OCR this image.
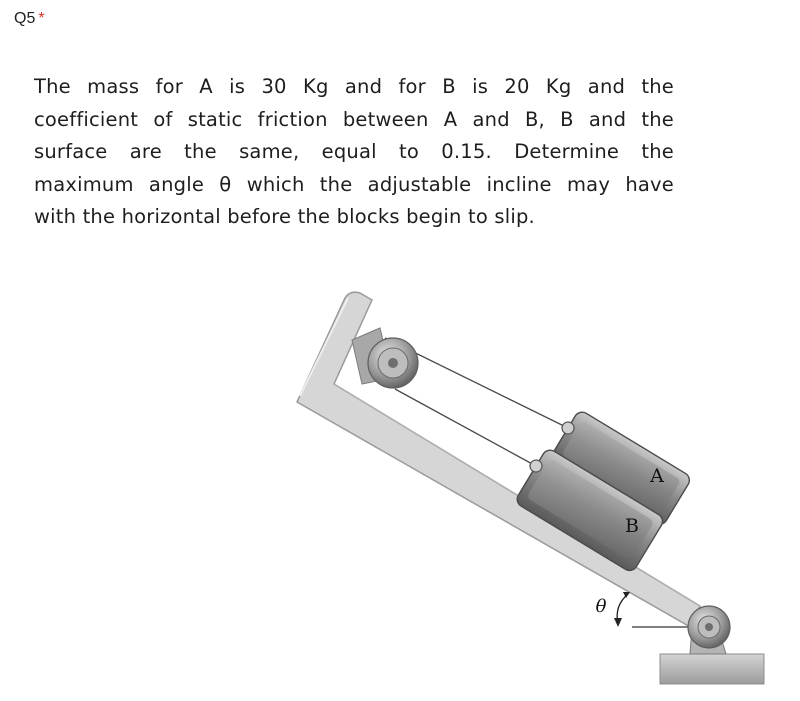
Q5 *
The mass for A is 30 Kg and for B is 20 Kg and the
coefficient of static friction between A and B, B and the
surface are the same, equal to 0.15. Determine the
maximum angle θ which the adjustable incline may have
with the horizontal before the blocks begin to slip.
A
B
θ
